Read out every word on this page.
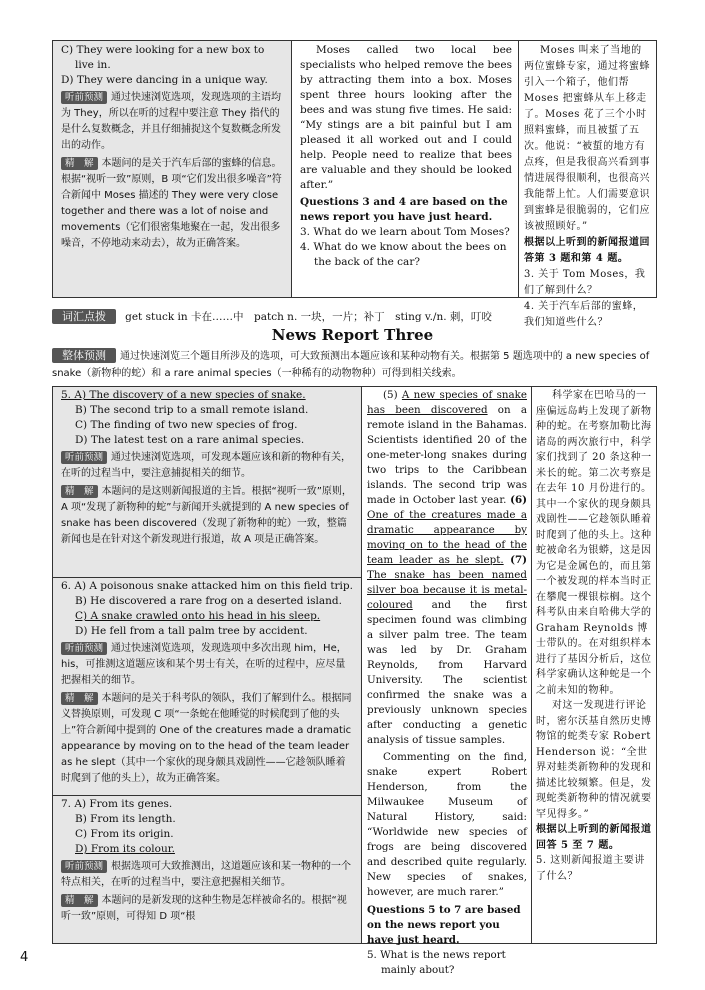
C) They were looking for a new box to live in.

D) They were dancing in a unique way.

听前预测 通过快速浏览选项，发现选项的主语均为 They，所以在听的过程中要注意 They 指代的是什么复数概念，并且仔细捕捉这个复数概念所发出的动作。

精　解 本题问的是关于汽车后部的蜜蜂的信息。根据“视听一致”原则，B 项“它们发出很多噪音”符合新闻中 Moses 描述的 They were very close together and there was a lot of noise and movements（它们很密集地聚在一起，发出很多噪音，不停地动来动去），故为正确答案。

Moses called two local bee specialists who helped remove the bees by attracting them into a box. Moses spent three hours looking after the bees and was stung five times. He said: “My stings are a bit painful but I am pleased it all worked out and I could help. People need to realize that bees are valuable and they should be looked after.”

Questions 3 and 4 are based on the news report you have just heard.

3. What do we learn about Tom Moses?

4. What do we know about the bees on the back of the car?

Moses 叫来了当地的两位蜜蜂专家，通过将蜜蜂引入一个箱子，他们帮 Moses 把蜜蜂从车上移走了。Moses 花了三个小时照料蜜蜂，而且被蜇了五次。他说：“被蜇的地方有点疼，但是我很高兴看到事情进展得很顺利，也很高兴我能帮上忙。人们需要意识到蜜蜂是很脆弱的，它们应该被照顾好。”

根据以上听到的新闻报道回答第 3 题和第 4 题。

3. 关于 Tom Moses，我们了解到什么？

4. 关于汽车后部的蜜蜂，我们知道些什么？

词汇点拨 get stuck in 卡在……中　patch n. 一块，一片；补丁　sting v./n. 刺，叮咬
News Report Three
整体预测 通过快速浏览三个题目所涉及的选项，可大致预测出本题应该和某种动物有关。根据第 5 题选项中的 a new species of snake（新物种的蛇）和 a rare animal species（一种稀有的动物物种）可得到相关线索。

5. A) The discovery of a new species of snake.

B) The second trip to a small remote island.

C) The finding of two new species of frog.

D) The latest test on a rare animal species.

听前预测 通过快速浏览选项，可发现本题应该和新的物种有关，在听的过程当中，要注意捕捉相关的细节。

精　解 本题问的是这则新闻报道的主旨。根据“视听一致”原则，A 项“发现了新物种的蛇”与新闻开头就提到的 A new species of snake has been discovered（发现了新物种的蛇）一致，整篇新闻也是在针对这个新发现进行报道，故 A 项是正确答案。

6. A) A poisonous snake attacked him on this field trip.

B) He discovered a rare frog on a deserted island.

C) A snake crawled onto his head in his sleep.

D) He fell from a tall palm tree by accident.

听前预测 通过快速浏览选项，发现选项中多次出现 him，He，his，可推测这道题应该和某个男士有关，在听的过程中，应尽量把握相关的细节。

精　解 本题问的是关于科考队的领队，我们了解到什么。根据同义替换原则，可发现 C 项“一条蛇在他睡觉的时候爬到了他的头上”符合新闻中提到的 One of the creatures made a dramatic appearance by moving on to the head of the team leader as he slept（其中一个家伙的现身颇具戏剧性——它趁领队睡着时爬到了他的头上），故为正确答案。

7. A) From its genes.

B) From its length.

C) From its origin.

D) From its colour.

听前预测 根据选项可大致推测出，这道题应该和某一物种的一个特点相关，在听的过程当中，要注意把握相关细节。

精　解 本题问的是新发现的这种生物是怎样被命名的。根据“视听一致”原则，可得知 D 项“根

(5) A new species of snake has been discovered on a remote island in the Bahamas. Scientists identified 20 of the one-meter-long snakes during two trips to the Caribbean islands. The second trip was made in October last year. (6) One of the creatures made a dramatic appearance by moving on to the head of the team leader as he slept. (7) The snake has been named silver boa because it is metal-coloured and the first specimen found was climbing a silver palm tree. The team was led by Dr. Graham Reynolds, from Harvard University. The scientist confirmed the snake was a previously unknown species after conducting a genetic analysis of tissue samples.

Commenting on the find, snake expert Robert Henderson, from the Milwaukee Museum of Natural History, said: “Worldwide new species of frogs are being discovered and described quite regularly. New species of snakes, however, are much rarer.”

Questions 5 to 7 are based on the news report you have just heard.

5. What is the news report mainly about?

科学家在巴哈马的一座偏远岛屿上发现了新物种的蛇。在考察加勒比海诸岛的两次旅行中，科学家们找到了 20 条这种一米长的蛇。第二次考察是在去年 10 月份进行的。其中一个家伙的现身颇具戏剧性——它趁领队睡着时爬到了他的头上。这种蛇被命名为银蟒，这是因为它是金属色的，而且第一个被发现的样本当时正在攀爬一棵银棕榈。这个科考队由来自哈佛大学的 Graham Reynolds 博士带队的。在对组织样本进行了基因分析后，这位科学家确认这种蛇是一个之前未知的物种。

对这一发现进行评论时，密尔沃基自然历史博物馆的蛇类专家 Robert Henderson 说：“全世界对蛙类新物种的发现和描述比较频繁。但是，发现蛇类新物种的情况就要罕见得多。”

根据以上听到的新闻报道回答 5 至 7 题。

5. 这则新闻报道主要讲了什么？

4
